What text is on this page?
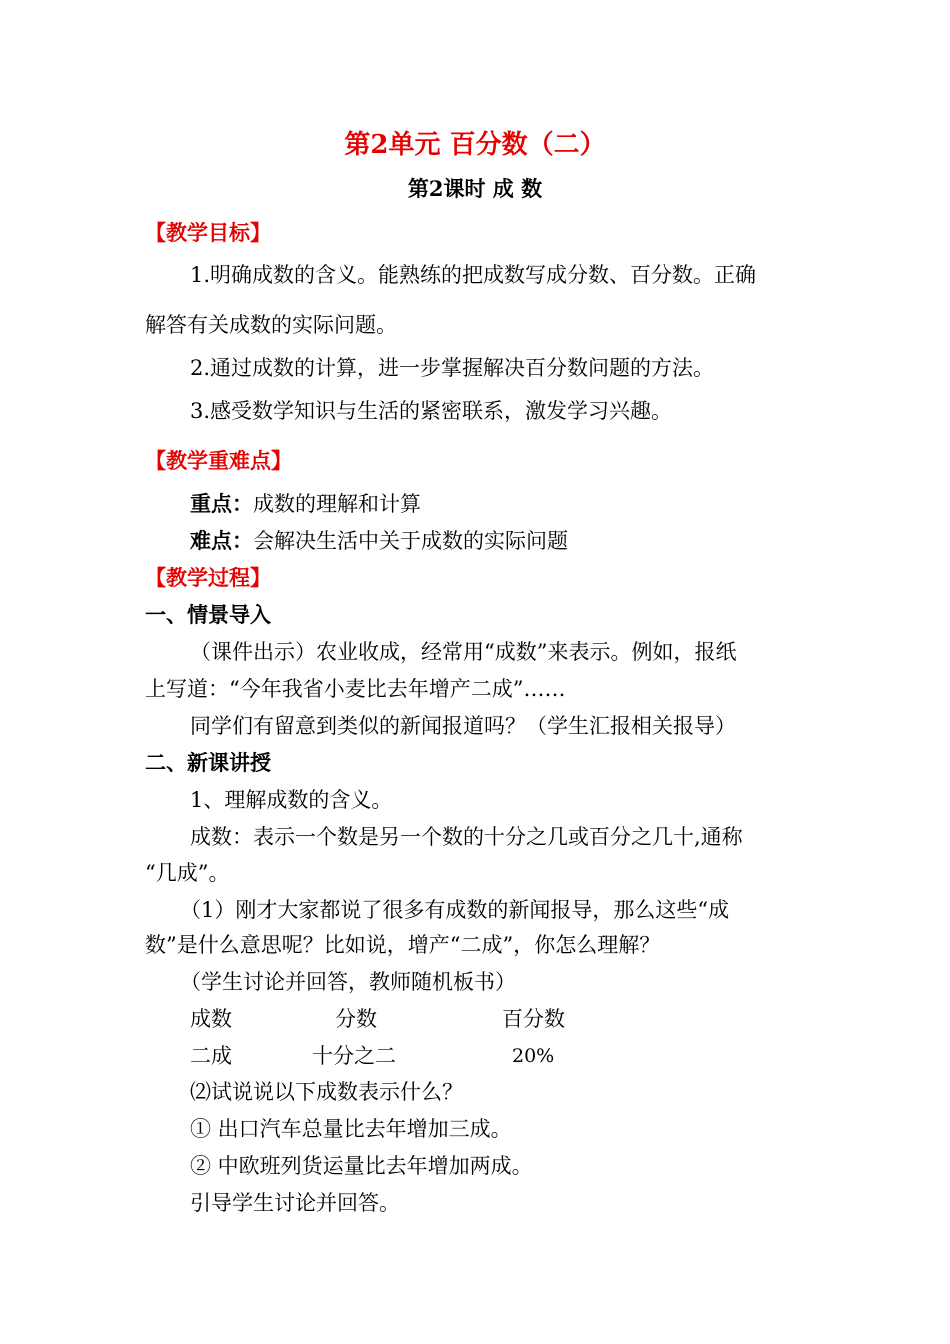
第2单元 百分数（二）
第2课时 成 数
【教学目标】
1.明确成数的含义。能熟练的把成数写成分数、百分数。正确
解答有关成数的实际问题。
2.通过成数的计算，进一步掌握解决百分数问题的方法。
3.感受数学知识与生活的紧密联系，激发学习兴趣。
【教学重难点】
重点：成数的理解和计算
难点：会解决生活中关于成数的实际问题
【教学过程】
一、情景导入
（课件出示）农业收成，经常用“成数”来表示。例如，报纸
上写道：“今年我省小麦比去年增产二成”……
同学们有留意到类似的新闻报道吗？（学生汇报相关报导）
二、新课讲授
1、理解成数的含义。
成数：表示一个数是另一个数的十分之几或百分之几十,通称
“几成”。
（1）刚才大家都说了很多有成数的新闻报导，那么这些“成
数”是什么意思呢？比如说，增产“二成”，你怎么理解？
（学生讨论并回答，教师随机板书）
成数	分数	百分数
二成	十分之二	20%
⑵试说说以下成数表示什么？
① 出口汽车总量比去年增加三成。
② 中欧班列货运量比去年增加两成。
引导学生讨论并回答。
